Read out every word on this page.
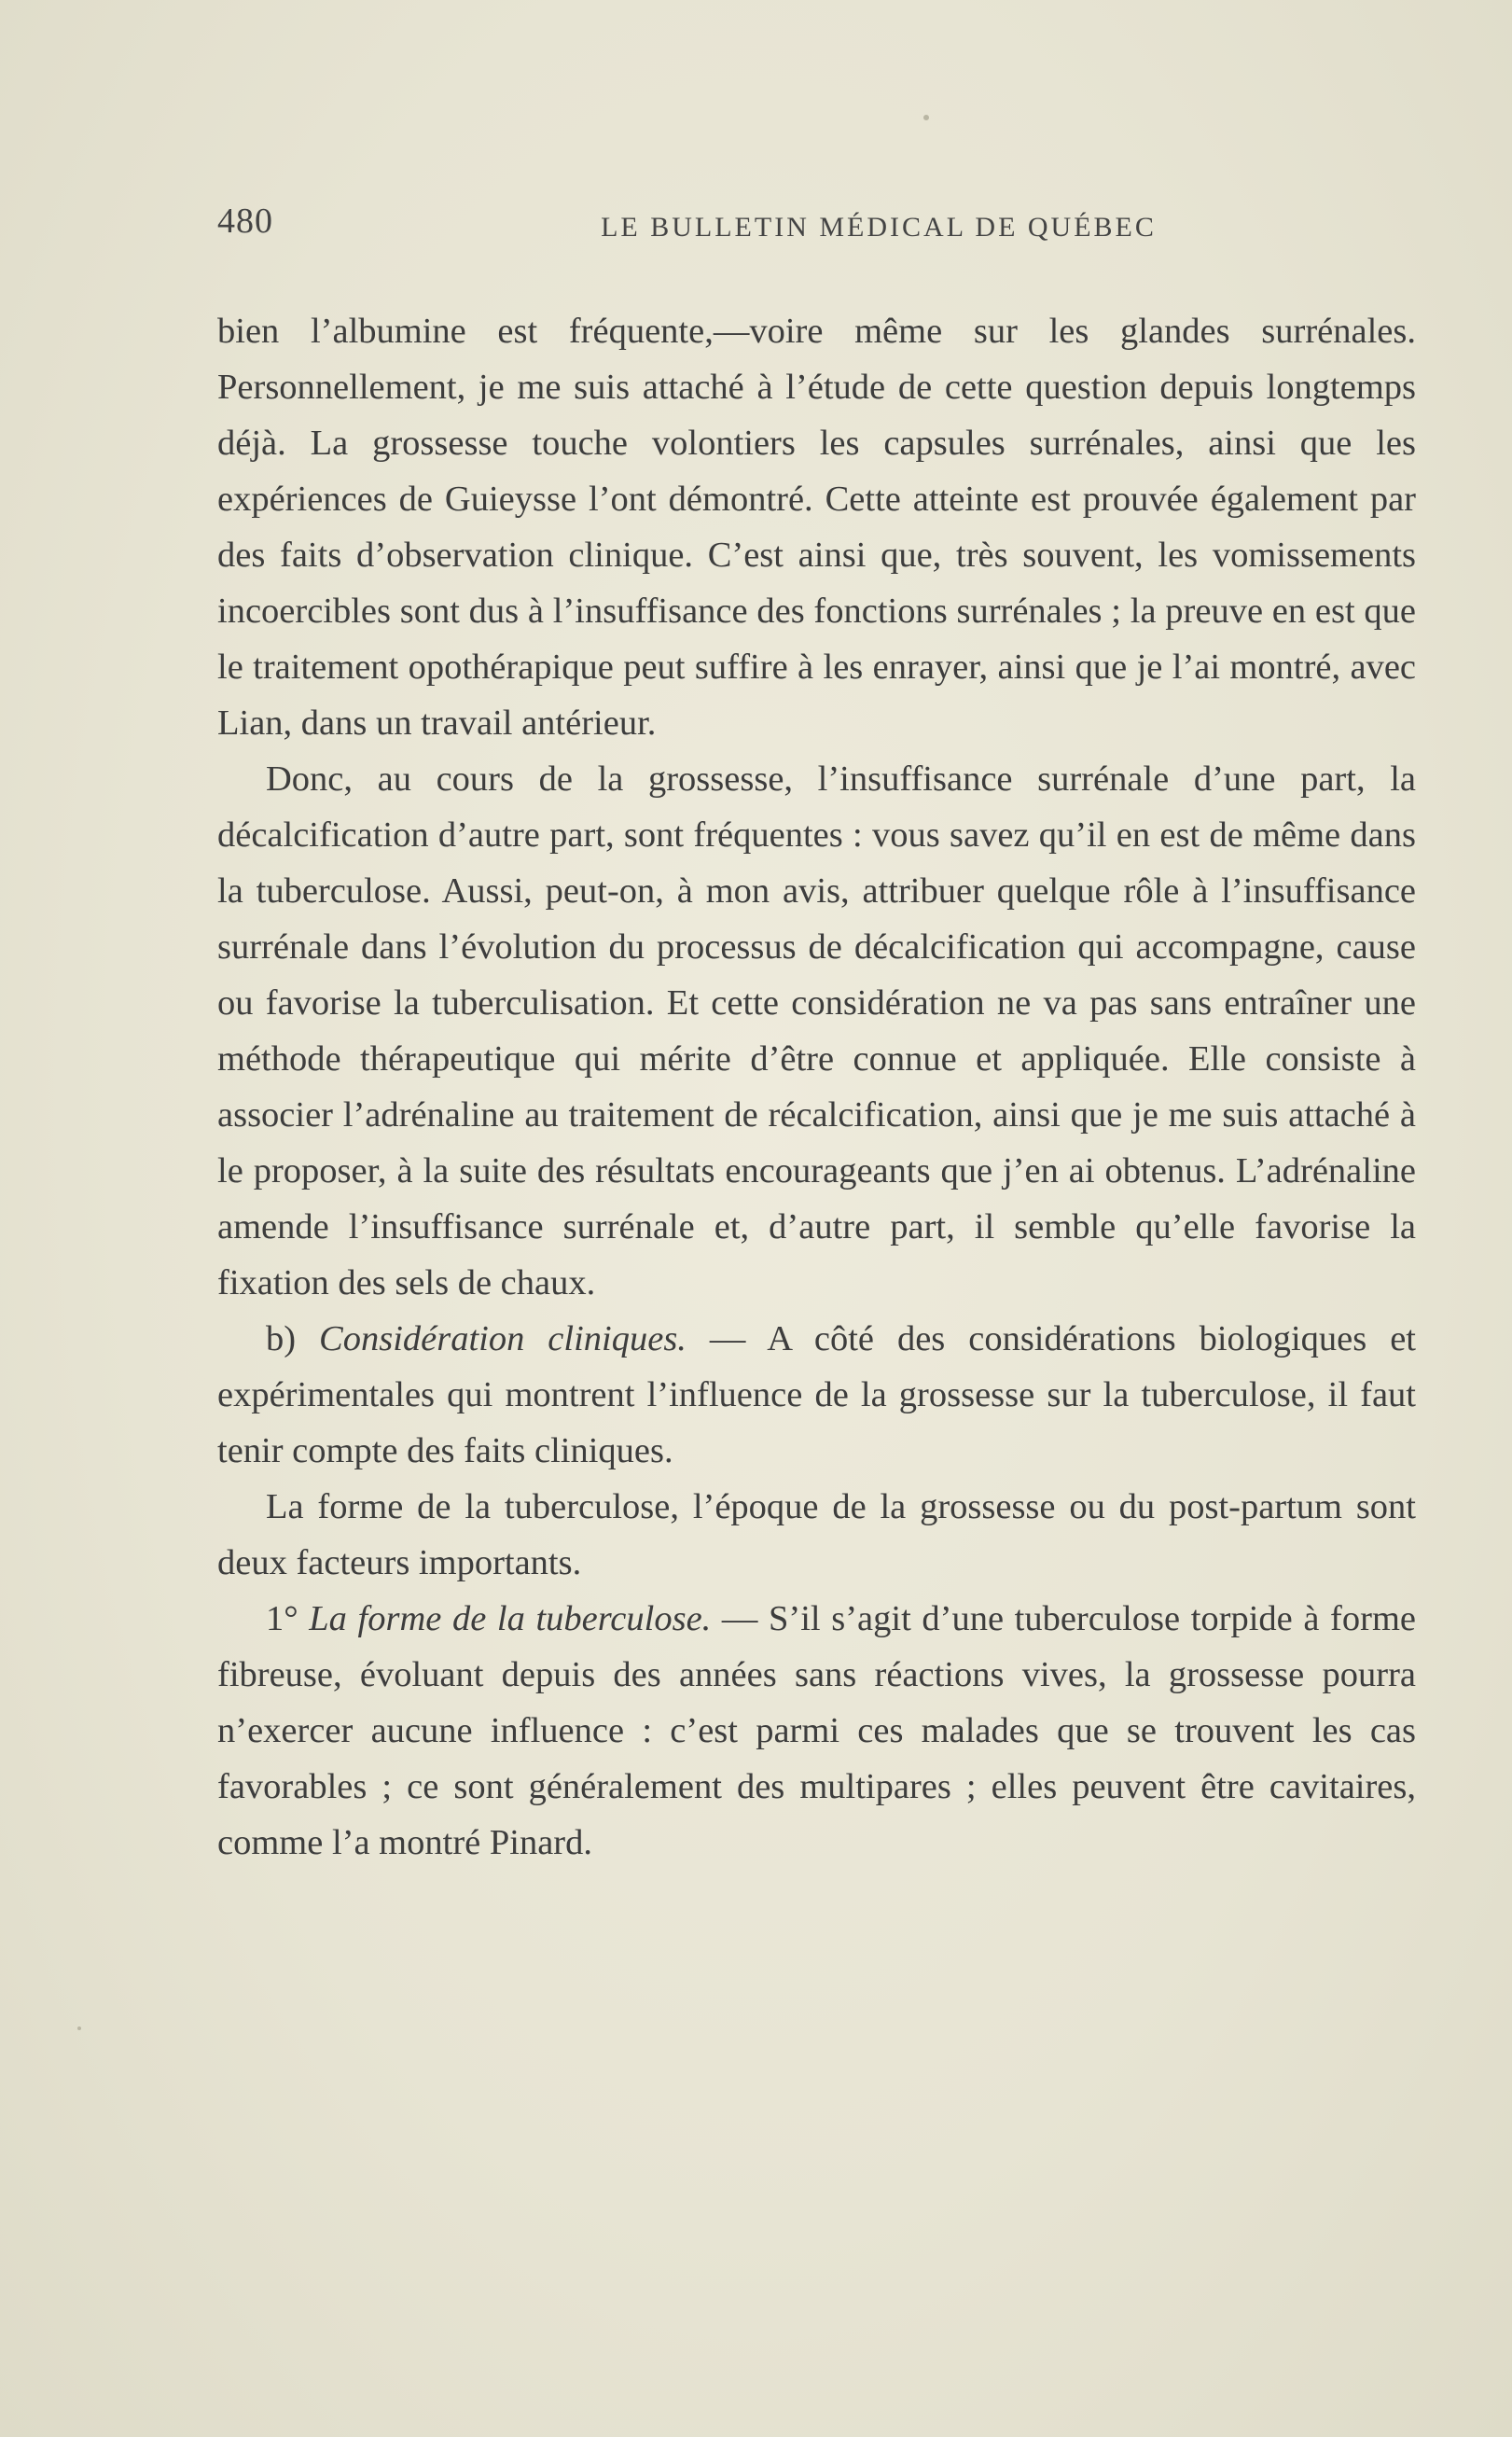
480	LE BULLETIN MÉDICAL DE QUÉBEC

bien l’albumine est fréquente,—voire même sur les glandes surrénales. Personnellement, je me suis attaché à l’étude de cette question depuis longtemps déjà. La grossesse touche volontiers les capsules surrénales, ainsi que les expériences de Guieysse l’ont démontré. Cette atteinte est prouvée également par des faits d’observation clinique. C’est ainsi que, très souvent, les vomissements incoercibles sont dus à l’insuffisance des fonctions surrénales ; la preuve en est que le traitement opothérapique peut suffire à les enrayer, ainsi que je l’ai montré, avec Lian, dans un travail antérieur.

Donc, au cours de la grossesse, l’insuffisance surrénale d’une part, la décalcification d’autre part, sont fréquentes : vous savez qu’il en est de même dans la tuberculose. Aussi, peut-on, à mon avis, attribuer quelque rôle à l’insuffisance surrénale dans l’évolution du processus de décalcification qui accompagne, cause ou favorise la tuberculisation. Et cette considération ne va pas sans entraîner une méthode thérapeutique qui mérite d’être connue et appliquée. Elle consiste à associer l’adrénaline au traitement de récalcification, ainsi que je me suis attaché à le proposer, à la suite des résultats encourageants que j’en ai obtenus. L’adrénaline amende l’insuffisance surrénale et, d’autre part, il semble qu’elle favorise la fixation des sels de chaux.

b) Considération cliniques. — A côté des considérations biologiques et expérimentales qui montrent l’influence de la grossesse sur la tuberculose, il faut tenir compte des faits cliniques.

La forme de la tuberculose, l’époque de la grossesse ou du post-partum sont deux facteurs importants.

1° La forme de la tuberculose. — S’il s’agit d’une tuberculose torpide à forme fibreuse, évoluant depuis des années sans réactions vives, la grossesse pourra n’exercer aucune influence : c’est parmi ces malades que se trouvent les cas favorables ; ce sont généralement des multipares ; elles peuvent être cavitaires, comme l’a montré Pinard.
